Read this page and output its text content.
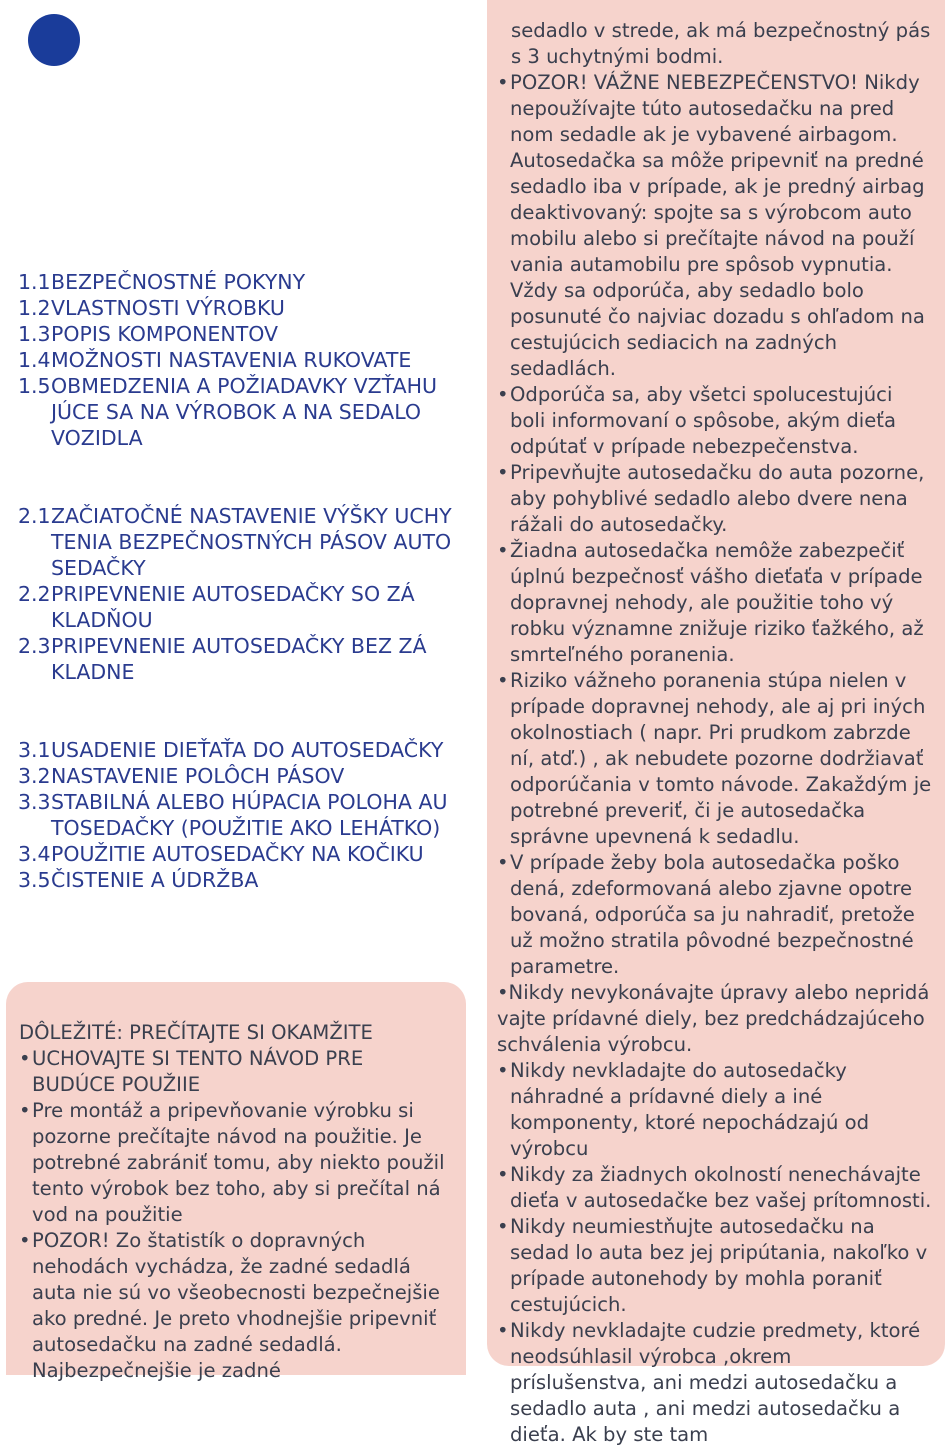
1.1 BEZPEČNOSTNÉ POKYNY
1.2 VLASTNOSTI VÝROBKU
1.3 POPIS KOMPONENTOV
1.4 MOŽNOSTI NASTAVENIA RUKOVATE
1.5 OBMEDZENIA A POŽIADAVKY VZŤAHU JÚCE SA NA VÝROBOK A NA SEDALO VOZIDLA
2.1 ZAČIATOČNÉ NASTAVENIE VÝŠKY UCHY TENIA BEZPEČNOSTNÝCH PÁSOV AUTO SEDAČKY
2.2 PRIPEVNENIE AUTOSEDAČKY SO ZÁ KLADŇOU
2.3 PRIPEVNENIE AUTOSEDAČKY BEZ ZÁ KLADNE
3.1 USADENIE DIEŤAŤA DO AUTOSEDAČKY
3.2 NASTAVENIE POLÔCH PÁSOV
3.3 STABILNÁ ALEBO HÚPACIA POLOHA AU TOSEDAČKY (POUŽITIE AKO LEHÁTKO)
3.4 POUŽITIE AUTOSEDAČKY NA KOČIKU
3.5 ČISTENIE A ÚDRŽBA
DÔLEŽITÉ: PREČÍTAJTE SI OKAMŽITE
• UCHOVAJTE SI TENTO NÁVOD PRE BUDÚCE POUŽIIE
• Pre montáž a pripevňovanie výrobku si pozorne prečítajte návod na použitie. Je potrebné zabrániť tomu, aby niekto použil tento výrobok bez toho, aby si prečítal ná vod na použitie
• POZOR! Zo štatistík o dopravných nehodách vychádza, že zadné sedadlá auta nie sú vo všeobecnosti bezpečnejšie ako predné. Je preto vhodnejšie pripevniť autosedačku na zadné sedadlá. Najbezpečnejšie je zadné
sedadlo v strede, ak má bezpečnostný pás s 3 uchytnými bodmi.
• POZOR! VÁŽNE NEBEZPEČENSTVO! Nikdy nepoužívajte túto autosedačku na pred nom sedadle ak je vybavené airbagom. Autosedačka sa môže pripevniť na predné sedadlo iba v prípade, ak je predný airbag deaktivovaný: spojte sa s výrobcom auto mobilu alebo si prečítajte návod na použí vania autamobilu pre spôsob vypnutia. Vždy sa odporúča, aby sedadlo bolo posunuté čo najviac dozadu s ohľadom na cestujúcich sediacich na zadných sedadlách.
• Odporúča sa, aby všetci spolucestujúci boli informovaní o spôsobe, akým dieťa odpútať v prípade nebezpečenstva.
• Pripevňujte autosedačku do auta pozorne, aby pohyblivé sedadlo alebo dvere nena rážali do autosedačky.
• Žiadna autosedačka nemôže zabezpečiť úplnú bezpečnosť vášho dieťaťa v prípade dopravnej nehody, ale použitie toho vý robku významne znižuje riziko ťažkého, až smrteľného poranenia.
• Riziko vážneho poranenia stúpa nielen v prípade dopravnej nehody, ale aj pri iných okolnostiach ( napr. Pri prudkom zabrzde ní, atď.) , ak nebudete pozorne dodržiavať odporúčania v tomto návode. Zakaždým je potrebné preveriť, či je autosedačka správne upevnená k sedadlu.
• V prípade žeby bola autosedačka poško dená, zdeformovaná alebo zjavne opotre bovaná, odporúča sa ju nahradiť, pretože už možno stratila pôvodné bezpečnostné parametre.
•Nikdy nevykonávajte úpravy alebo nepridá vajte prídavné diely, bez predchádzajúceho schválenia výrobcu.
• Nikdy nevkladajte do autosedačky náhradné a prídavné diely a iné komponenty, ktoré nepochádzajú od výrobcu
• Nikdy za žiadnych okolností nenechávajte dieťa v autosedačke bez vašej prítomnosti.
• Nikdy neumiestňujte autosedačku na sedad lo auta bez jej pripútania, nakoľko v prípade autonehody by mohla poraniť cestujúcich.
• Nikdy nevkladajte cudzie predmety, ktoré neodsúhlasil výrobca ,okrem príslušenstva, ani medzi autosedačku a sedadlo auta , ani medzi autosedačku a dieťa. Ak by ste tam
